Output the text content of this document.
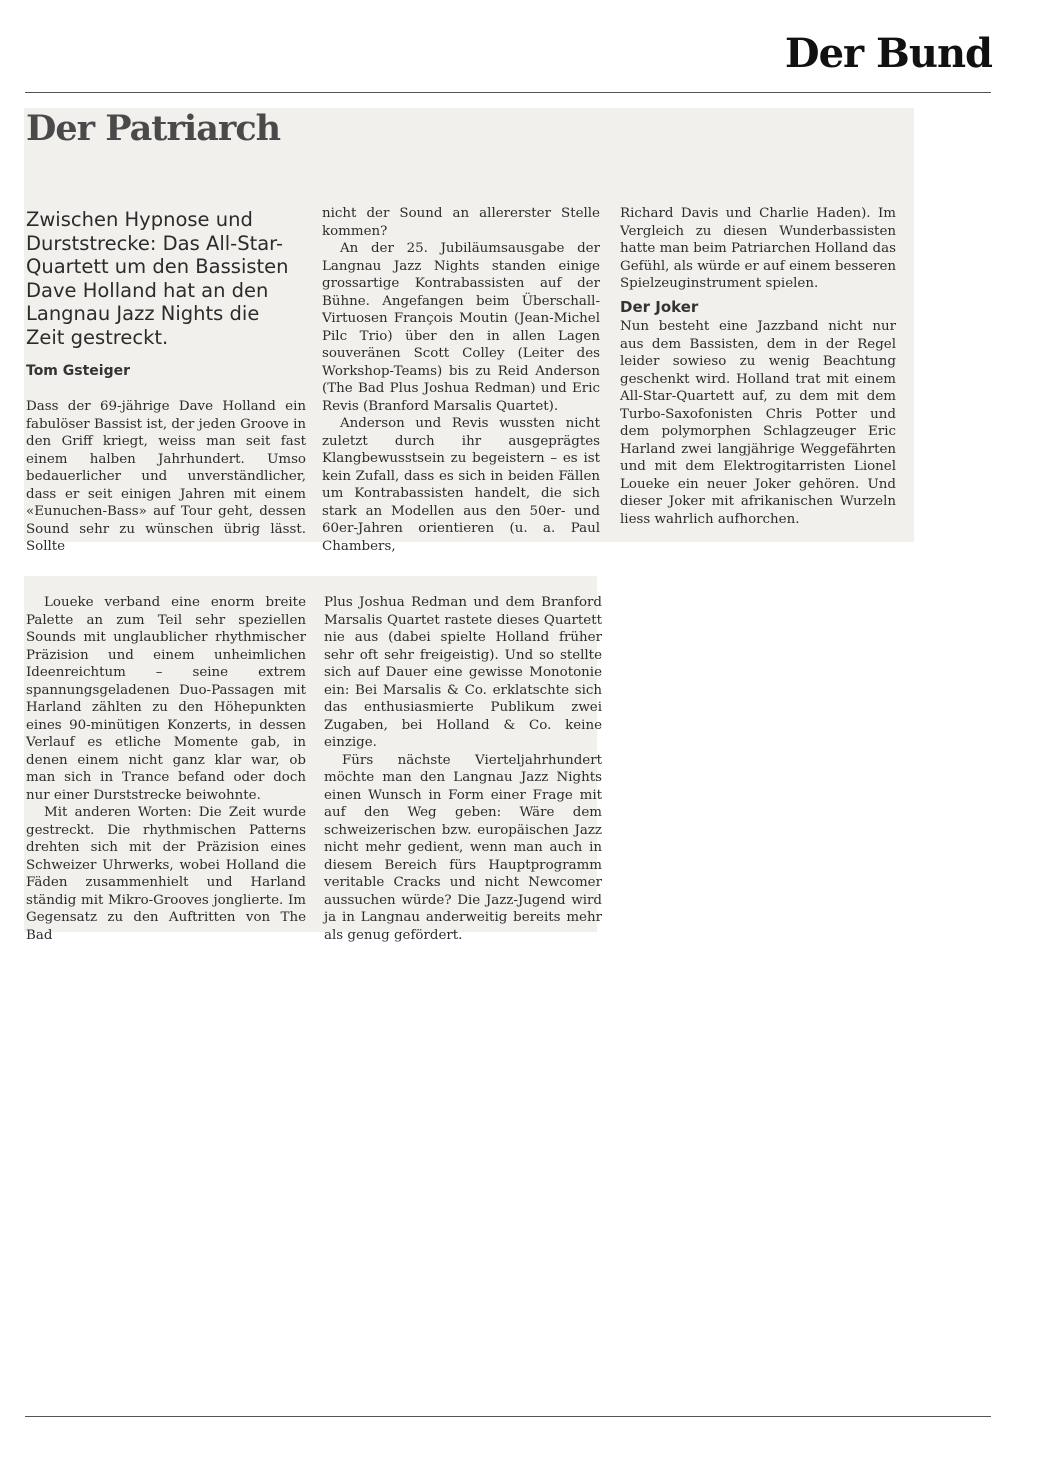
Der Bund
Der Patriarch
Zwischen Hypnose und Durststrecke: Das All-Star-Quartett um den Bassisten Dave Holland hat an den Langnau Jazz Nights die Zeit gestreckt.
Tom Gsteiger

Dass der 69-jährige Dave Holland ein fabulöser Bassist ist, der jeden Groove in den Griff kriegt, weiss man seit fast einem halben Jahrhundert. Umso bedauerlicher und unverständlicher, dass er seit einigen Jahren mit einem «Eunuchen-Bass» auf Tour geht, dessen Sound sehr zu wünschen übrig lässt. Sollte

nicht der Sound an allererster Stelle kommen?

An der 25. Jubiläumsausgabe der Langnau Jazz Nights standen einige grossartige Kontrabassisten auf der Bühne. Angefangen beim Überschall-Virtuosen François Moutin (Jean-Michel Pilc Trio) über den in allen Lagen souveränen Scott Colley (Leiter des Workshop-Teams) bis zu Reid Anderson (The Bad Plus Joshua Redman) und Eric Revis (Branford Marsalis Quartet).

Anderson und Revis wussten nicht zuletzt durch ihr ausgeprägtes Klangbewusstsein zu begeistern – es ist kein Zufall, dass es sich in beiden Fällen um Kontrabassisten handelt, die sich stark an Modellen aus den 50er- und 60er-Jahren orientieren (u. a. Paul Chambers,

Richard Davis und Charlie Haden). Im Vergleich zu diesen Wunderbassisten hatte man beim Patriarchen Holland das Gefühl, als würde er auf einem besseren Spielzeuginstrument spielen.

Der Joker

Nun besteht eine Jazzband nicht nur aus dem Bassisten, dem in der Regel leider sowieso zu wenig Beachtung geschenkt wird. Holland trat mit einem All-Star-Quartett auf, zu dem mit dem Turbo-Saxofonisten Chris Potter und dem polymorphen Schlagzeuger Eric Harland zwei langjährige Weggefährten und mit dem Elektrogitarristen Lionel Loueke ein neuer Joker gehören. Und dieser Joker mit afrikanischen Wurzeln liess wahrlich aufhorchen.

Loueke verband eine enorm breite Palette an zum Teil sehr speziellen Sounds mit unglaublicher rhythmischer Präzision und einem unheimlichen Ideenreichtum – seine extrem spannungsgeladenen Duo-Passagen mit Harland zählten zu den Höhepunkten eines 90-minütigen Konzerts, in dessen Verlauf es etliche Momente gab, in denen einem nicht ganz klar war, ob man sich in Trance befand oder doch nur einer Durststrecke beiwohnte.

Mit anderen Worten: Die Zeit wurde gestreckt. Die rhythmischen Patterns drehten sich mit der Präzision eines Schweizer Uhrwerks, wobei Holland die Fäden zusammenhielt und Harland ständig mit Mikro-Grooves jonglierte. Im Gegensatz zu den Auftritten von The Bad

Plus Joshua Redman und dem Branford Marsalis Quartet rastete dieses Quartett nie aus (dabei spielte Holland früher sehr oft sehr freigeistig). Und so stellte sich auf Dauer eine gewisse Monotonie ein: Bei Marsalis & Co. erklatschte sich das enthusiasmierte Publikum zwei Zugaben, bei Holland & Co. keine einzige.

Fürs nächste Vierteljahrhundert möchte man den Langnau Jazz Nights einen Wunsch in Form einer Frage mit auf den Weg geben: Wäre dem schweizerischen bzw. europäischen Jazz nicht mehr gedient, wenn man auch in diesem Bereich fürs Hauptprogramm veritable Cracks und nicht Newcomer aussuchen würde? Die Jazz-Jugend wird ja in Langnau anderweitig bereits mehr als genug gefördert.
